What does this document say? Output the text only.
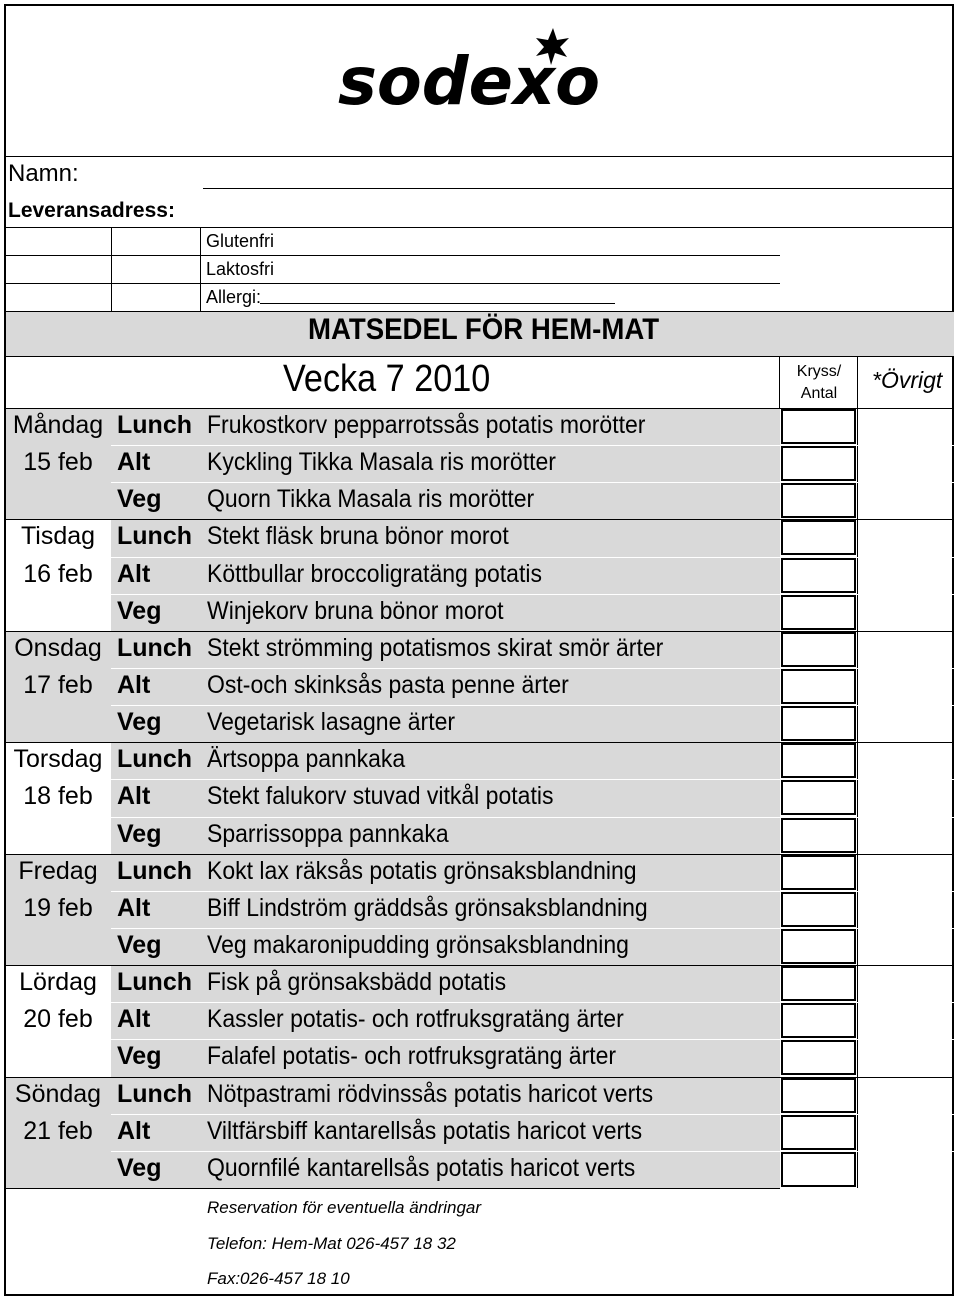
sodexo
Namn:
Leveransadress:
Glutenfri
Laktosfri
Allergi:
MATSEDEL FÖR HEM-MAT
Vecka 7 2010	Kryss/
Antal
*Övrigt
Lunch Frukostkorv pepparrotssås potatis morötter
Måndag
Alt Kyckling Tikka Masala ris morötter
15 feb
Veg Quorn Tikka Masala ris morötter
Lunch Stekt fläsk bruna bönor morot
Tisdag
Alt Köttbullar broccoligratäng potatis
16 feb
Veg Winjekorv bruna bönor morot
Lunch Stekt strömming potatismos skirat smör ärter
Onsdag
Alt Ost-och skinksås pasta penne ärter
17 feb
Veg Vegetarisk lasagne ärter
Lunch Ärtsoppa pannkaka
Torsdag
Alt Stekt falukorv stuvad vitkål potatis
18 feb
Veg Sparrissoppa pannkaka
Lunch Kokt lax räksås potatis grönsaksblandning
Fredag
Alt Biff Lindström gräddsås grönsaksblandning
19 feb
Veg Veg makaronipudding grönsaksblandning
Lunch Fisk på grönsaksbädd potatis
Lördag
Alt Kassler potatis- och rotfruksgratäng ärter
20 feb
Veg Falafel potatis- och rotfruksgratäng ärter
Lunch Nötpastrami rödvinssås potatis haricot verts
Söndag
Alt Viltfärsbiff kantarellsås potatis haricot verts
21 feb
Veg Quornfilé kantarellsås potatis haricot verts
Reservation för eventuella ändringar
Telefon: Hem-Mat 026-457 18 32
Fax:026-457 18 10
